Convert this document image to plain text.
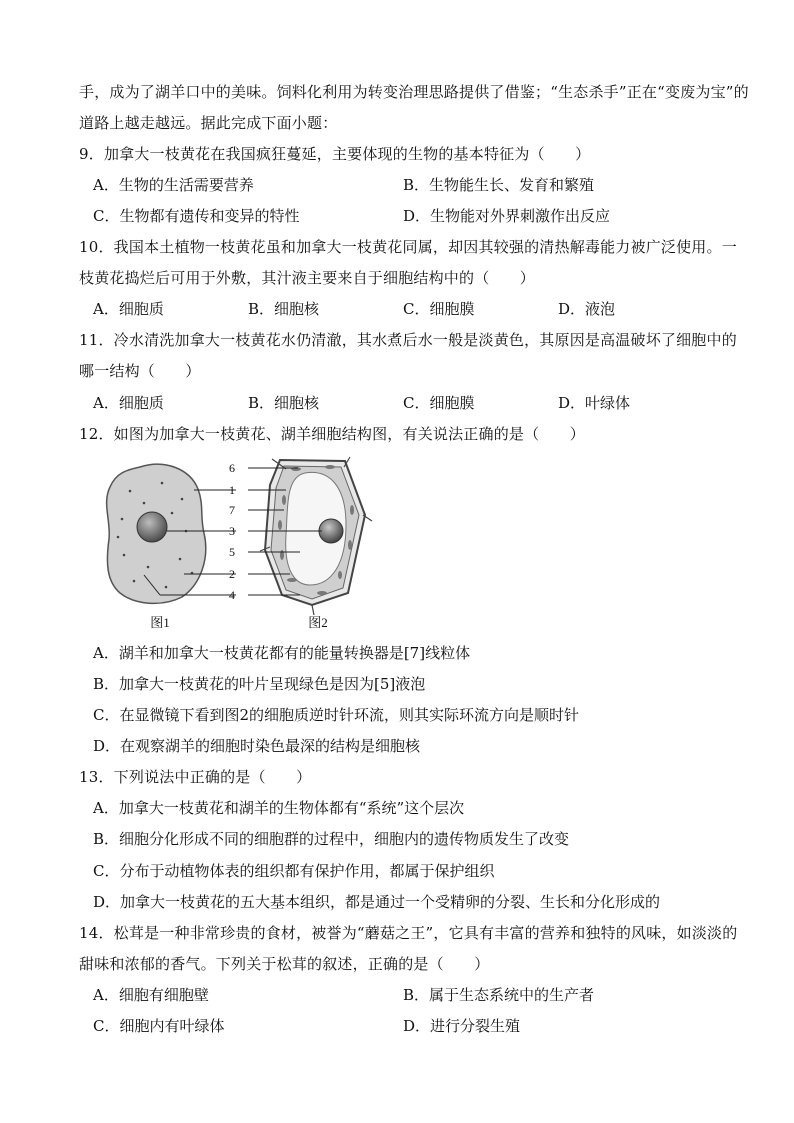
手，成为了湖羊口中的美味。饲料化利用为转变治理思路提供了借鉴；“生态杀手”正在“变废为宝”的
道路上越走越远。据此完成下面小题：
9．加拿大一枝黄花在我国疯狂蔓延，主要体现的生物的基本特征为（　　）
A．生物的生活需要营养	B．生物能生长、发育和繁殖
C．生物都有遗传和变异的特性	D．生物能对外界刺激作出反应
10．我国本土植物一枝黄花虽和加拿大一枝黄花同属，却因其较强的清热解毒能力被广泛使用。一
枝黄花捣烂后可用于外敷，其汁液主要来自于细胞结构中的（　　）
A．细胞质	B．细胞核	C．细胞膜	D．液泡
11．冷水清洗加拿大一枝黄花水仍清澈，其水煮后水一般是淡黄色，其原因是高温破坏了细胞中的
哪一结构（　　）
A．细胞质	B．细胞核	C．细胞膜	D．叶绿体
12．如图为加拿大一枝黄花、湖羊细胞结构图，有关说法正确的是（　　）
6
1
7
3
5
2
4
图1	图2
A．湖羊和加拿大一枝黄花都有的能量转换器是[7]线粒体
B．加拿大一枝黄花的叶片呈现绿色是因为[5]液泡
C．在显微镜下看到图2的细胞质逆时针环流，则其实际环流方向是顺时针
D．在观察湖羊的细胞时染色最深的结构是细胞核
13．下列说法中正确的是（　　）
A．加拿大一枝黄花和湖羊的生物体都有“系统”这个层次
B．细胞分化形成不同的细胞群的过程中，细胞内的遗传物质发生了改变
C．分布于动植物体表的组织都有保护作用，都属于保护组织
D．加拿大一枝黄花的五大基本组织，都是通过一个受精卵的分裂、生长和分化形成的
14．松茸是一种非常珍贵的食材，被誉为“蘑菇之王”，它具有丰富的营养和独特的风味，如淡淡的
甜味和浓郁的香气。下列关于松茸的叙述，正确的是（　　）
A．细胞有细胞壁	B．属于生态系统中的生产者
C．细胞内有叶绿体	D．进行分裂生殖
